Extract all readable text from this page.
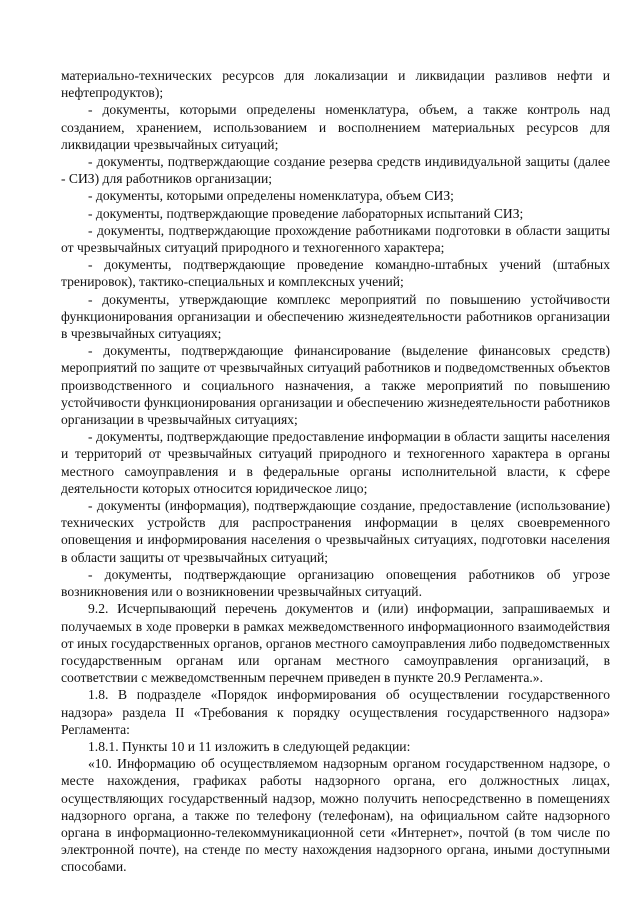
материально-технических ресурсов для локализации и ликвидации разливов нефти и нефтепродуктов);

- документы, которыми определены номенклатура, объем, а также контроль над созданием, хранением, использованием и восполнением материальных ресурсов для ликвидации чрезвычайных ситуаций;

- документы, подтверждающие создание резерва средств индивидуальной защиты (далее - СИЗ) для работников организации;

- документы, которыми определены номенклатура, объем СИЗ;

- документы, подтверждающие проведение лабораторных испытаний СИЗ;

- документы, подтверждающие прохождение работниками подготовки в области защиты от чрезвычайных ситуаций природного и техногенного характера;

- документы, подтверждающие проведение командно-штабных учений (штабных тренировок), тактико-специальных и комплексных учений;

- документы, утверждающие комплекс мероприятий по повышению устойчивости функционирования организации и обеспечению жизнедеятельности работников организации в чрезвычайных ситуациях;

- документы, подтверждающие финансирование (выделение финансовых средств) мероприятий по защите от чрезвычайных ситуаций работников и подведомственных объектов производственного и социального назначения, а также мероприятий по повышению устойчивости функционирования организации и обеспечению жизнедеятельности работников организации в чрезвычайных ситуациях;

- документы, подтверждающие предоставление информации в области защиты населения и территорий от чрезвычайных ситуаций природного и техногенного характера в органы местного самоуправления и в федеральные органы исполнительной власти, к сфере деятельности которых относится юридическое лицо;

- документы (информация), подтверждающие создание, предоставление (использование) технических устройств для распространения информации в целях своевременного оповещения и информирования населения о чрезвычайных ситуациях, подготовки населения в области защиты от чрезвычайных ситуаций;

- документы, подтверждающие организацию оповещения работников об угрозе возникновения или о возникновении чрезвычайных ситуаций.

9.2. Исчерпывающий перечень документов и (или) информации, запрашиваемых и получаемых в ходе проверки в рамках межведомственного информационного взаимодействия от иных государственных органов, органов местного самоуправления либо подведомственных государственным органам или органам местного самоуправления организаций, в соответствии с межведомственным перечнем приведен в пункте 20.9 Регламента.».

1.8. В подразделе «Порядок информирования об осуществлении государственного надзора» раздела II «Требования к порядку осуществления государственного надзора» Регламента:

1.8.1. Пункты 10 и 11 изложить в следующей редакции:

«10. Информацию об осуществляемом надзорным органом государственном надзоре, о месте нахождения, графиках работы надзорного органа, его должностных лицах, осуществляющих государственный надзор, можно получить непосредственно в помещениях надзорного органа, а также по телефону (телефонам), на официальном сайте надзорного органа в информационно-телекоммуникационной сети «Интернет», почтой (в том числе по электронной почте), на стенде по месту нахождения надзорного органа, иными доступными способами.
